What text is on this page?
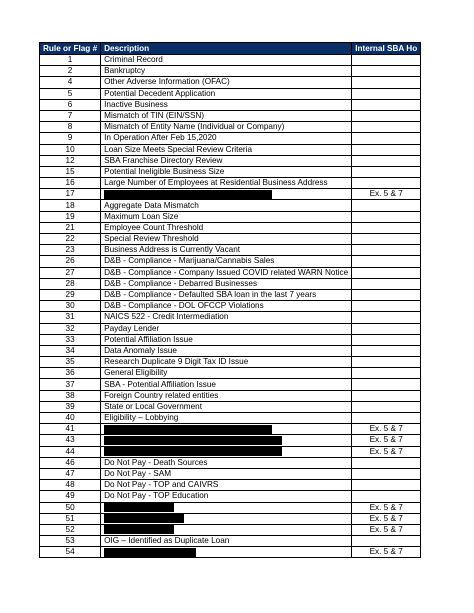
Rule or Flag #	Description	Internal SBA Ho
1	Criminal Record	
2	Bankruptcy	
4	Other Adverse Information (OFAC)	
5	Potential Decedent Application	
6	Inactive Business	
7	Mismatch of TIN (EIN/SSN)	
8	Mismatch of Entity Name (Individual or Company)	
9	In Operation After Feb 15,2020	
10	Loan Size Meets Special Review Criteria	
12	SBA Franchise Directory Review	
15	Potential Ineligible Business Size	
16	Large Number of Employees at Residential Business Address	
17		Ex. 5 & 7
18	Aggregate Data Mismatch	
19	Maximum Loan Size	
21	Employee Count Threshold	
22	Special Review Threshold	
23	Business Address is Currently Vacant	
26	D&B - Compliance - Marijuana/Cannabis Sales	
27	D&B - Compliance - Company Issued COVID related WARN Notice	
28	D&B - Compliance - Debarred Businesses	
29	D&B - Compliance - Defaulted SBA loan in the last 7 years	
30	D&B - Compliance - DOL OFCCP Violations	
31	NAICS 522 - Credit Intermediation	
32	Payday Lender	
33	Potential Affiliation Issue	
34	Data Anomaly Issue	
35	Research Duplicate 9 Digit Tax ID Issue	
36	General Eligibility	
37	SBA - Potential Affiliation Issue	
38	Foreign Country related entities	
39	State or Local Government	
40	Eligibility – Lobbying	
41		Ex. 5 & 7
43		Ex. 5 & 7
44		Ex. 5 & 7
46	Do Not Pay - Death Sources	
47	Do Not Pay - SAM	
48	Do Not Pay - TOP and CAIVRS	
49	Do Not Pay - TOP Education	
50		Ex. 5 & 7
51		Ex. 5 & 7
52		Ex. 5 & 7
53	OIG – Identified as Duplicate Loan	
54		Ex. 5 & 7
